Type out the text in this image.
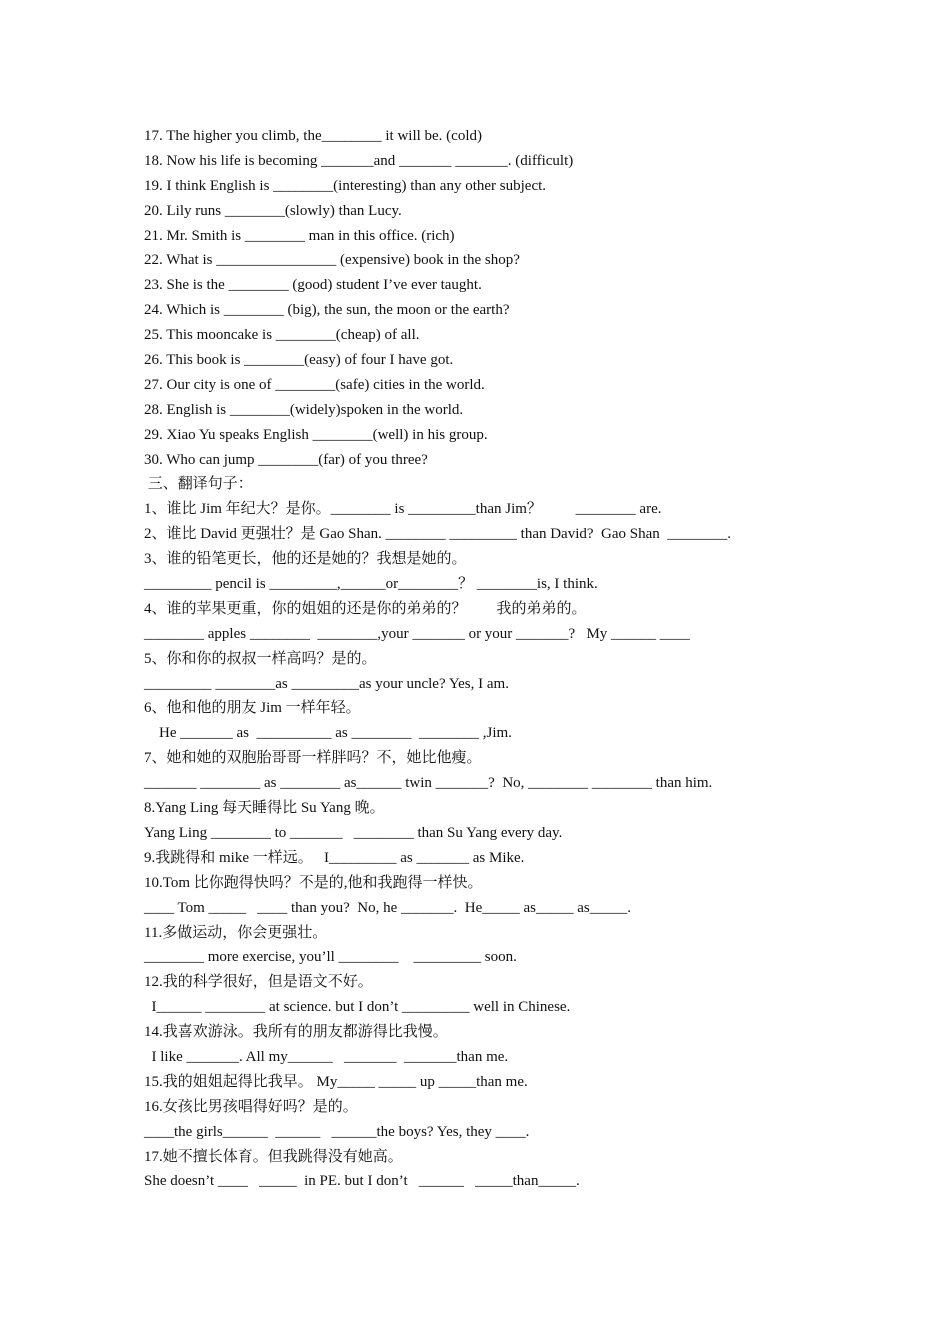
17. The higher you climb, the________ it will be. (cold)
18. Now his life is becoming _______and _______ _______. (difficult)
19. I think English is ________(interesting) than any other subject.
20. Lily runs ________(slowly) than Lucy.
21. Mr. Smith is ________ man in this office. (rich)
22. What is ________________ (expensive) book in the shop?
23. She is the ________ (good) student I’ve ever taught.
24. Which is ________ (big), the sun, the moon or the earth?
25. This mooncake is ________(cheap) of all.
26. This book is ________(easy) of four I have got.
27. Our city is one of ________(safe) cities in the world.
28. English is ________(widely)spoken in the world.
29. Xiao Yu speaks English ________(well) in his group.
30. Who can jump ________(far) of you three?
三、翻译句子：
1、谁比 Jim 年纪大？是你。________ is _________than Jim？         ________ are.
2、谁比 David 更强壮？是 Gao Shan. ________ _________ than David?  Gao Shan  ________.
3、谁的铅笔更长，他的还是她的？我想是她的。
_________ pencil is _________,______or________？ ________is, I think.
4、谁的苹果更重，你的姐姐的还是你的弟弟的？        我的弟弟的。
________ apples ________  ________,your _______ or your _______?   My ______ ____
5、你和你的叔叔一样高吗？是的。
_________ ________as _________as your uncle? Yes, I am.
6、他和他的朋友 Jim 一样年轻。
He _______ as  __________ as ________  ________ ,Jim.
7、她和她的双胞胎哥哥一样胖吗？不，她比他瘦。
_______ ________ as ________ as______ twin _______?  No, ________ ________ than him.
8.Yang Ling 每天睡得比 Su Yang 晚。
Yang Ling ________ to _______   ________ than Su Yang every day.
9.我跳得和 mike 一样远。   I_________ as _______ as Mike.
10.Tom 比你跑得快吗？不是的,他和我跑得一样快。
____ Tom _____   ____ than you?  No, he _______.  He_____ as_____ as_____.
11.多做运动，你会更强壮。
________ more exercise, you’ll ________    _________ soon.
12.我的科学很好，但是语文不好。
I______ ________ at science. but I don’t _________ well in Chinese.
14.我喜欢游泳。我所有的朋友都游得比我慢。
I like _______. All my______   _______  _______than me.
15.我的姐姐起得比我早。 My_____ _____ up _____than me.
16.女孩比男孩唱得好吗？是的。
____the girls______  ______   ______the boys? Yes, they ____.
17.她不擅长体育。但我跳得没有她高。
She doesn’t ____   _____  in PE. but I don’t   ______   _____than_____.
